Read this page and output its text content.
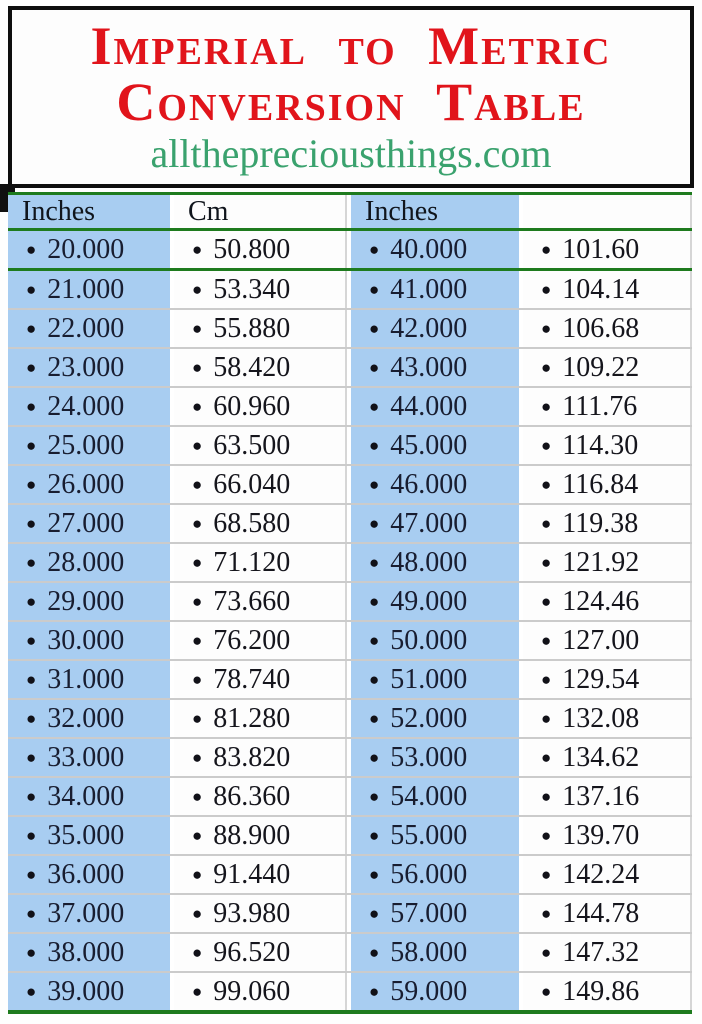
Imperial to Metric
Conversion Table
allthepreciousthings.com
Inches	Cm	Inches
● 20.000	● 50.800	● 40.000	● 101.60
● 21.000	● 53.340	● 41.000	● 104.14
● 22.000	● 55.880	● 42.000	● 106.68
● 23.000	● 58.420	● 43.000	● 109.22
● 24.000	● 60.960	● 44.000	● 111.76
● 25.000	● 63.500	● 45.000	● 114.30
● 26.000	● 66.040	● 46.000	● 116.84
● 27.000	● 68.580	● 47.000	● 119.38
● 28.000	● 71.120	● 48.000	● 121.92
● 29.000	● 73.660	● 49.000	● 124.46
● 30.000	● 76.200	● 50.000	● 127.00
● 31.000	● 78.740	● 51.000	● 129.54
● 32.000	● 81.280	● 52.000	● 132.08
● 33.000	● 83.820	● 53.000	● 134.62
● 34.000	● 86.360	● 54.000	● 137.16
● 35.000	● 88.900	● 55.000	● 139.70
● 36.000	● 91.440	● 56.000	● 142.24
● 37.000	● 93.980	● 57.000	● 144.78
● 38.000	● 96.520	● 58.000	● 147.32
● 39.000	● 99.060	● 59.000	● 149.86
